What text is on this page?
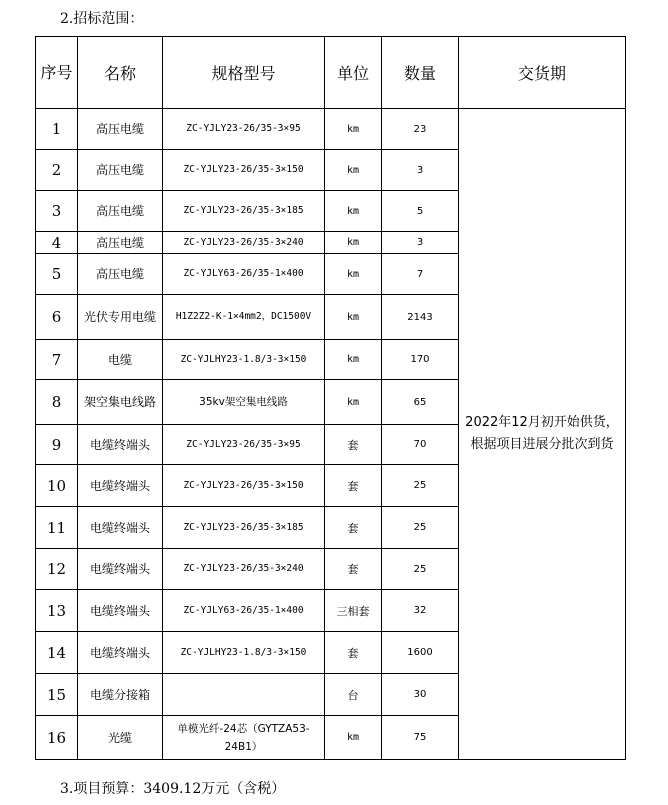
2.招标范围：
序号	名称	规格型号	单位	数量	交货期
1	高压电缆	ZC-YJLY23-26/35-3×95	km	23	2022年12月初开始供货，根据项目进展分批次到货
2	高压电缆	ZC-YJLY23-26/35-3×150	km	3	
3	高压电缆	ZC-YJLY23-26/35-3×185	km	5	
4	高压电缆	ZC-YJLY23-26/35-3×240	km	3	
5	高压电缆	ZC-YJLY63-26/35-1×400	km	7	
6	光伏专用电缆	H1Z2Z2-K-1×4mm2，DC1500V	km	2143	
7	电缆	ZC-YJLHY23-1.8/3-3×150	km	170	
8	架空集电线路	35kv架空集电线路	km	65	
9	电缆终端头	ZC-YJLY23-26/35-3×95	套	70	
10	电缆终端头	ZC-YJLY23-26/35-3×150	套	25	
11	电缆终端头	ZC-YJLY23-26/35-3×185	套	25	
12	电缆终端头	ZC-YJLY23-26/35-3×240	套	25	
13	电缆终端头	ZC-YJLY63-26/35-1×400	三相套	32	
14	电缆终端头	ZC-YJLHY23-1.8/3-3×150	套	1600	
15	电缆分接箱		台	30	
16	光缆	单模光纤-24芯（GYTZA53-24B1）	km	75	
3.项目预算：3409.12万元（含税）
